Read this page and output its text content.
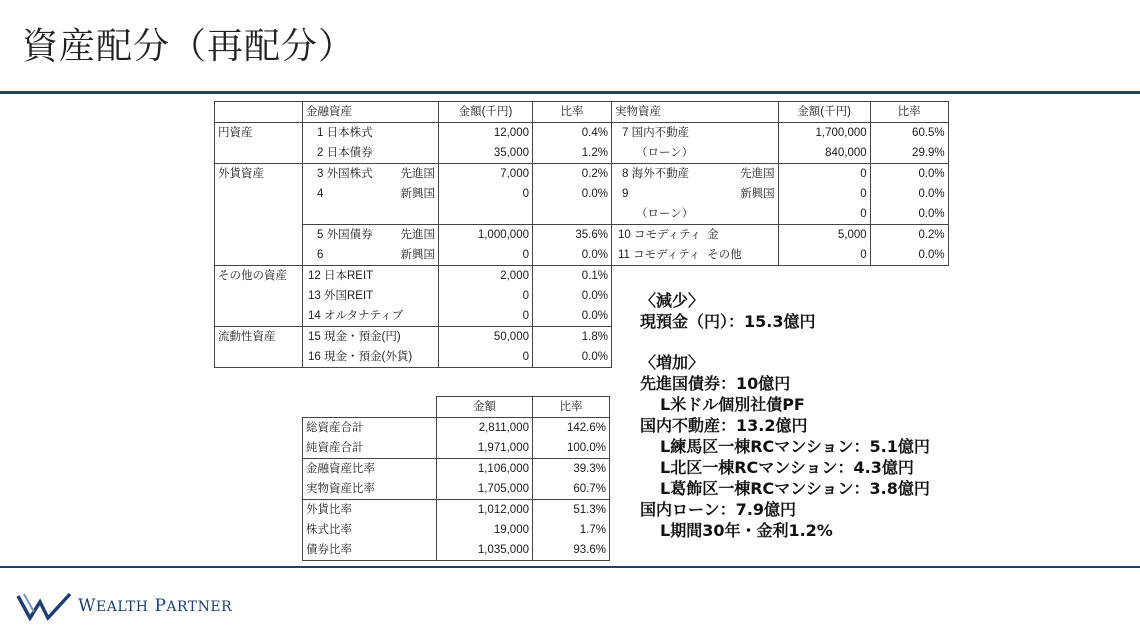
資産配分（再配分）
	金融資産		金額(千円)	比率	実物資産		金額(千円)	比率
円資産	1 日本株式		12,000	0.4%	7 国内不動産		1,700,000	60.5%
	2 日本債券		35,000	1.2%	（ローン）		840,000	29.9%
外貨資産	3 外国株式	先進国	7,000	0.2%	8 海外不動産	先進国	0	0.0%
	4	新興国	0	0.0%	9	新興国	0	0.0%
					（ローン）		0	0.0%
	5 外国債券	先進国	1,000,000	35.6%	10 コモディティ	金	5,000	0.2%
	6	新興国	0	0.0%	11 コモディティ	その他	0	0.0%
その他の資産	12 日本REIT		2,000	0.1%				
	13 外国REIT		0	0.0%				
	14 オルタナティブ		0	0.0%				
流動性資産	15 現金・預金(円)		50,000	1.8%				
	16 現金・預金(外貨)		0	0.0%				
	金額	比率
総資産合計	2,811,000	142.6%
純資産合計	1,971,000	100.0%
金融資産比率	1,106,000	39.3%
実物資産比率	1,705,000	60.7%
外貨比率	1,012,000	51.3%
株式比率	19,000	1.7%
債券比率	1,035,000	93.6%
〈減少〉
現預金（円）：15.3億円
〈増加〉
先進国債券：10億円
L米ドル個別社債PF
国内不動産：13.2億円
L練馬区一棟RCマンション：5.1億円
L北区一棟RCマンション：4.3億円
L葛飾区一棟RCマンション：3.8億円
国内ローン：7.9億円
L期間30年・金利1.2%
WEALTH PARTNER
